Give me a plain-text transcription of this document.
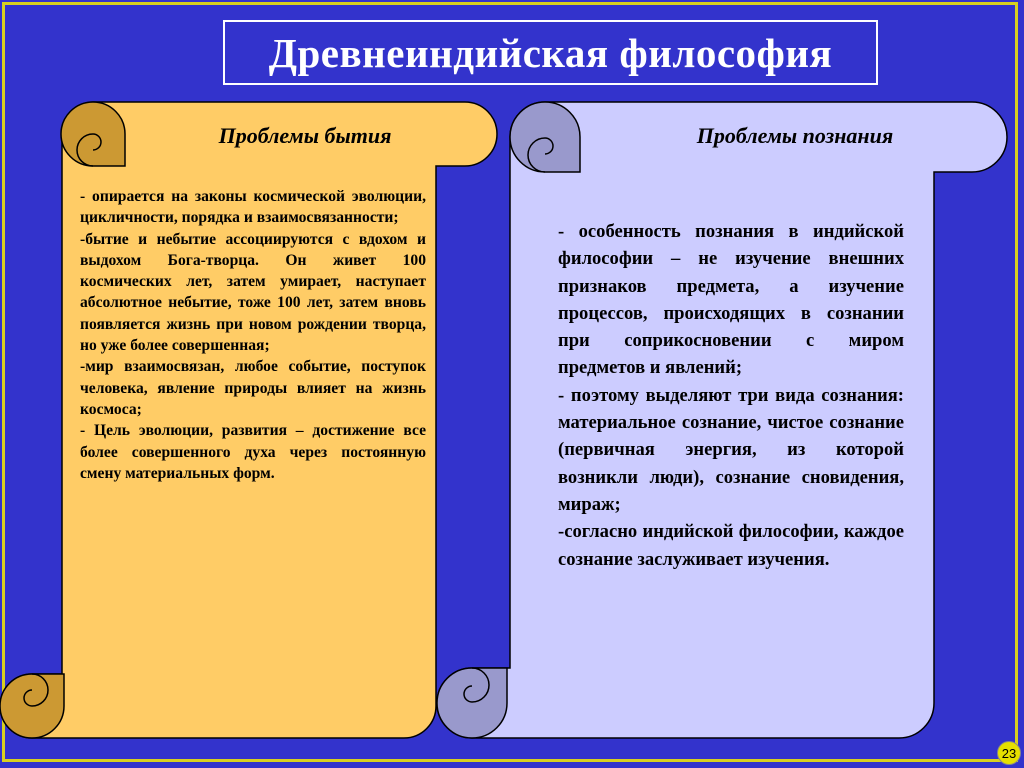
Древнеиндийская философия
Проблемы бытия	Проблемы познания

- опирается на законы космической эволюции, цикличности, порядка и взаимосвязанности;

-бытие и небытие ассоциируются с вдохом и выдохом Бога-творца. Он живет 100 космических лет, затем умирает, наступает абсолютное небытие, тоже 100 лет, затем вновь появляется жизнь при новом рождении творца, но уже более совершенная;

-мир взаимосвязан, любое событие, поступок человека, явление природы влияет на жизнь космоса;

- Цель эволюции, развития – достижение все более совершенного духа через постоянную смену материальных форм.

- особенность познания в индийской философии – не изучение внешних признаков предмета, а изучение процессов, происходящих в сознании при соприкосновении с миром предметов и явлений;

- поэтому выделяют три вида сознания: материальное сознание, чистое сознание (первичная энергия, из которой возникли люди), сознание сновидения, мираж;

-согласно индийской философии, каждое сознание заслуживает изучения.

23
